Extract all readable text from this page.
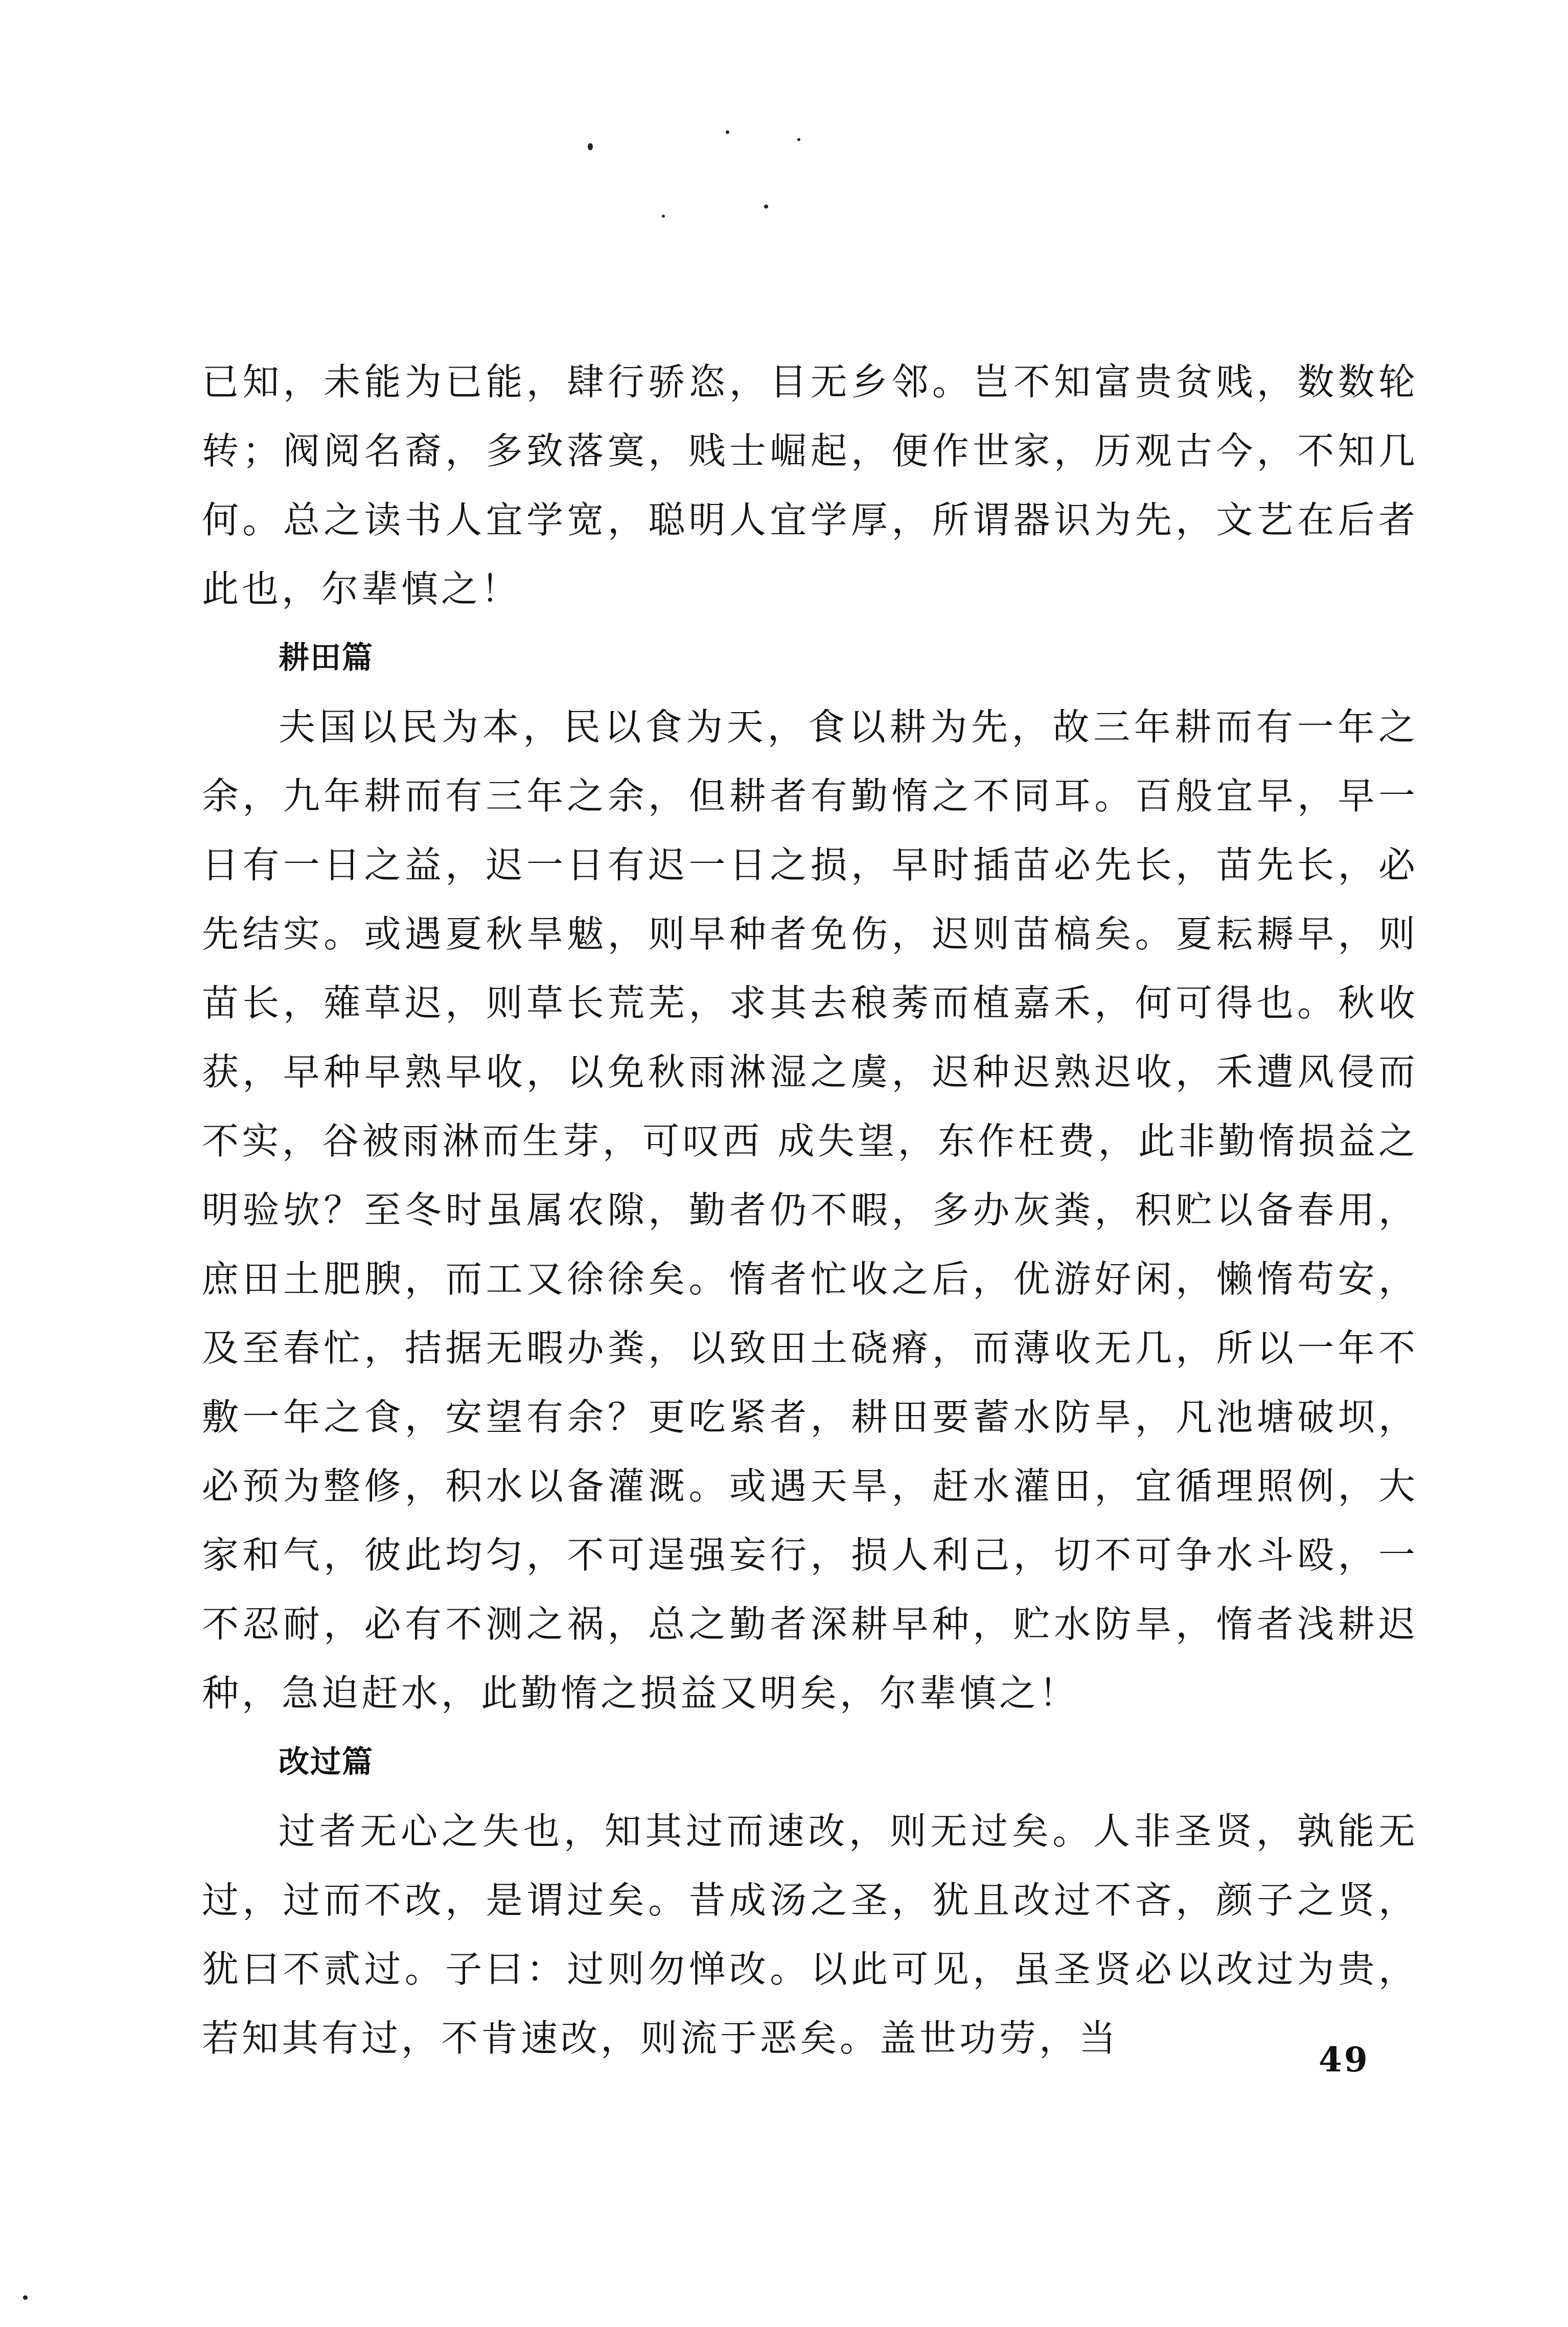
已知，未能为已能，肆行骄恣，目无乡邻。岂不知富贵贫贱，数数轮转；阀阅名裔，多致落寞，贱士崛起，便作世家，历观古今，不知几何。总之读书人宜学宽，聪明人宜学厚，所谓器识为先，文艺在后者此也，尔辈慎之！

耕田篇

夫国以民为本，民以食为天，食以耕为先，故三年耕而有一年之余，九年耕而有三年之余，但耕者有勤惰之不同耳。百般宜早，早一日有一日之益，迟一日有迟一日之损，早时插苗必先长，苗先长，必先结实。或遇夏秋旱魃，则早种者免伤，迟则苗槁矣。夏耘耨早，则苗长，薙草迟，则草长荒芜，求其去稂莠而植嘉禾，何可得也。秋收获，早种早熟早收，以免秋雨淋湿之虞，迟种迟熟迟收，禾遭风侵而不实，谷被雨淋而生芽，可叹西 成失望，东作枉费，此非勤惰损益之明验欤？至冬时虽属农隙，勤者仍不暇，多办灰粪，积贮以备春用，庶田土肥腴，而工又徐徐矣。惰者忙收之后，优游好闲，懒惰苟安，及至春忙，拮据无暇办粪，以致田土硗瘠，而薄收无几，所以一年不敷一年之食，安望有余？更吃紧者，耕田要蓄水防旱，凡池塘破坝，必预为整修，积水以备灌溉。或遇天旱，赶水灌田，宜循理照例，大家和气，彼此均匀，不可逞强妄行，损人利己，切不可争水斗殴，一不忍耐，必有不测之祸，总之勤者深耕早种，贮水防旱，惰者浅耕迟种，急迫赶水，此勤惰之损益又明矣，尔辈慎之！

改过篇

过者无心之失也，知其过而速改，则无过矣。人非圣贤，孰能无过，过而不改，是谓过矣。昔成汤之圣，犹且改过不吝，颜子之贤，犹曰不贰过。子曰：过则勿惮改。以此可见，虽圣贤必以改过为贵，若知其有过，不肯速改，则流于恶矣。盖世功劳，当	49
